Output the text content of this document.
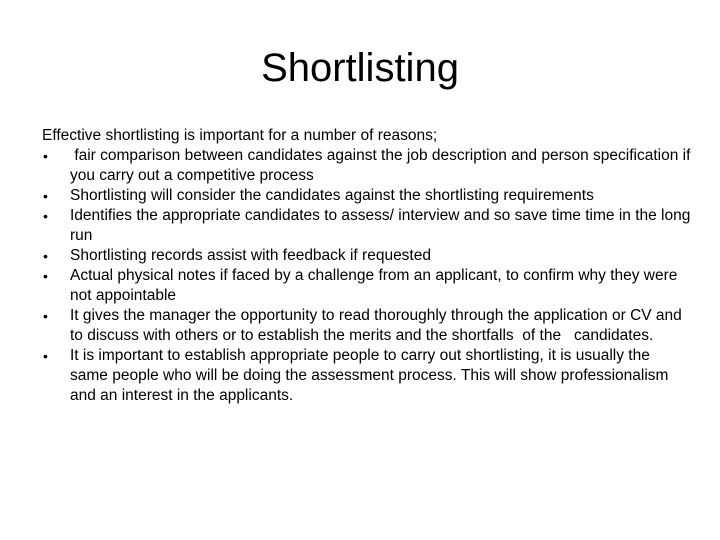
Shortlisting

Effective shortlisting is important for a number of reasons;

•	fair comparison between candidates against the job description and person specification if you carry out a competitive process
•	Shortlisting will consider the candidates against the shortlisting requirements
•	Identifies the appropriate candidates to assess/ interview and so save time time in the long run
•	Shortlisting records assist with feedback if requested
•	Actual physical notes if faced by a challenge from an applicant, to confirm why they were not appointable
•	It gives the manager the opportunity to read thoroughly through the application or CV and to discuss with others or to establish the merits and the shortfalls  of the   candidates.
•	It is important to establish appropriate people to carry out shortlisting, it is usually the same people who will be doing the assessment process. This will show professionalism and an interest in the applicants.
